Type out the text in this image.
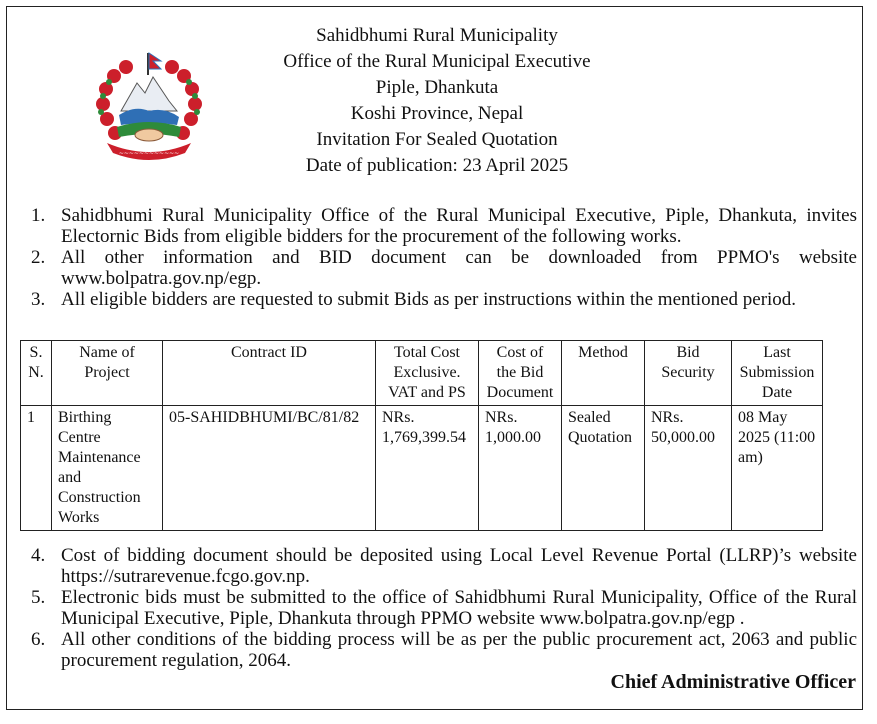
~~~~~~~~~~~~
Sahidbhumi Rural Municipality
Office of the Rural Municipal Executive
Piple, Dhankuta
Koshi Province, Nepal
Invitation For Sealed Quotation
Date of publication: 23 April 2025
1. Sahidbhumi Rural Municipality Office of the Rural Municipal Executive, Piple, Dhankuta, invites Electornic Bids from eligible bidders for the procurement of the following works.
2. All other information and BID document can be downloaded from PPMO's website www.bolpatra.gov.np/egp.
3. All eligible bidders are requested to submit Bids as per instructions within the mentioned period.
S. N.	Name of Project	Contract ID	Total Cost Exclusive. VAT and PS	Cost of the Bid Document	Method	Bid Security	Last Submission Date
1	Birthing Centre Maintenance and Construction Works	05-SAHIDBHUMI/BC/81/82	NRs. 1,769,399.54	NRs. 1,000.00	Sealed Quotation	NRs. 50,000.00	08 May 2025 (11:00 am)
4. Cost of bidding document should be deposited using Local Level Revenue Portal (LLRP)’s website https://sutrarevenue.fcgo.gov.np.
5. Electronic bids must be submitted to the office of Sahidbhumi Rural Municipality, Office of the Rural Municipal Executive, Piple, Dhankuta through PPMO website www.bolpatra.gov.np/egp .
6. All other conditions of the bidding process will be as per the public procurement act, 2063 and public procurement regulation, 2064.
Chief Administrative Officer
